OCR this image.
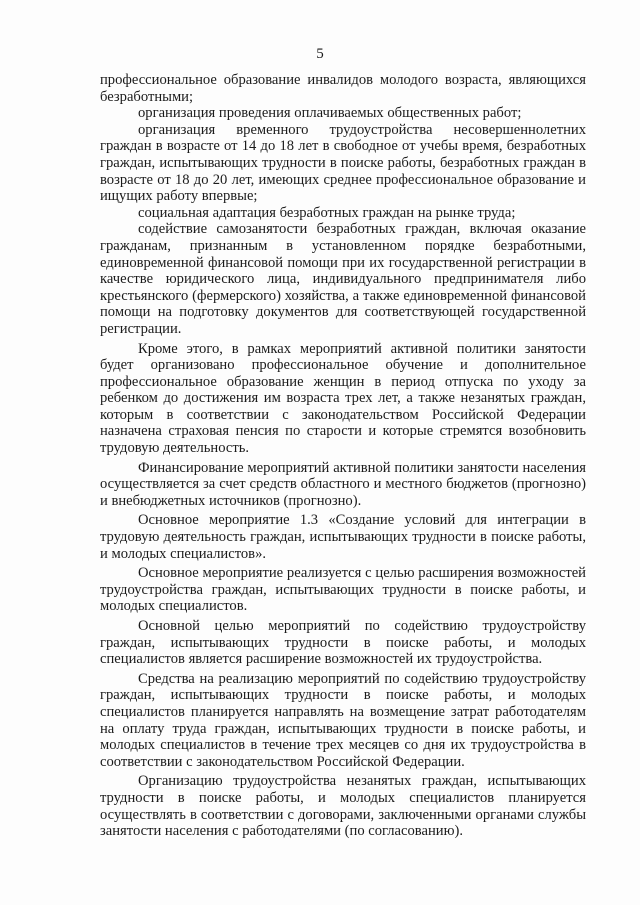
5

профессиональное образование инвалидов молодого возраста, являющихся безработными;

организация проведения оплачиваемых общественных работ;

организация временного трудоустройства несовершеннолетних граждан в возрасте от 14 до 18 лет в свободное от учебы время, безработных граждан, испытывающих трудности в поиске работы, безработных граждан в возрасте от 18 до 20 лет, имеющих среднее профессиональное образование и ищущих работу впервые;

социальная адаптация безработных граждан на рынке труда;

содействие самозанятости безработных граждан, включая оказание гражданам, признанным в установленном порядке безработными, единовременной финансовой помощи при их государственной регистрации в качестве юридического лица, индивидуального предпринимателя либо крестьянского (фермерского) хозяйства, а также единовременной финансовой помощи на подготовку документов для соответствующей государственной регистрации.

Кроме этого, в рамках мероприятий активной политики занятости будет организовано профессиональное обучение и дополнительное профессиональное образование женщин в период отпуска по уходу за ребенком до достижения им возраста трех лет, а также незанятых граждан, которым в соответствии с законодательством Российской Федерации назначена страховая пенсия по старости и которые стремятся возобновить трудовую деятельность.

Финансирование мероприятий активной политики занятости населения осуществляется за счет средств областного и местного бюджетов (прогнозно) и внебюджетных источников (прогнозно).

Основное мероприятие 1.3 «Создание условий для интеграции в трудовую деятельность граждан, испытывающих трудности в поиске работы, и молодых специалистов».

Основное мероприятие реализуется с целью расширения возможностей трудоустройства граждан, испытывающих трудности в поиске работы, и молодых специалистов.

Основной целью мероприятий по содействию трудоустройству граждан, испытывающих трудности в поиске работы, и молодых специалистов является расширение возможностей их трудоустройства.

Средства на реализацию мероприятий по содействию трудоустройству граждан, испытывающих трудности в поиске работы, и молодых специалистов планируется направлять на возмещение затрат работодателям на оплату труда граждан, испытывающих трудности в поиске работы, и молодых специалистов в течение трех месяцев со дня их трудоустройства в соответствии с законодательством Российской Федерации.

Организацию трудоустройства незанятых граждан, испытывающих трудности в поиске работы, и молодых специалистов планируется осуществлять в соответствии с договорами, заключенными органами службы занятости населения с работодателями (по согласованию).
